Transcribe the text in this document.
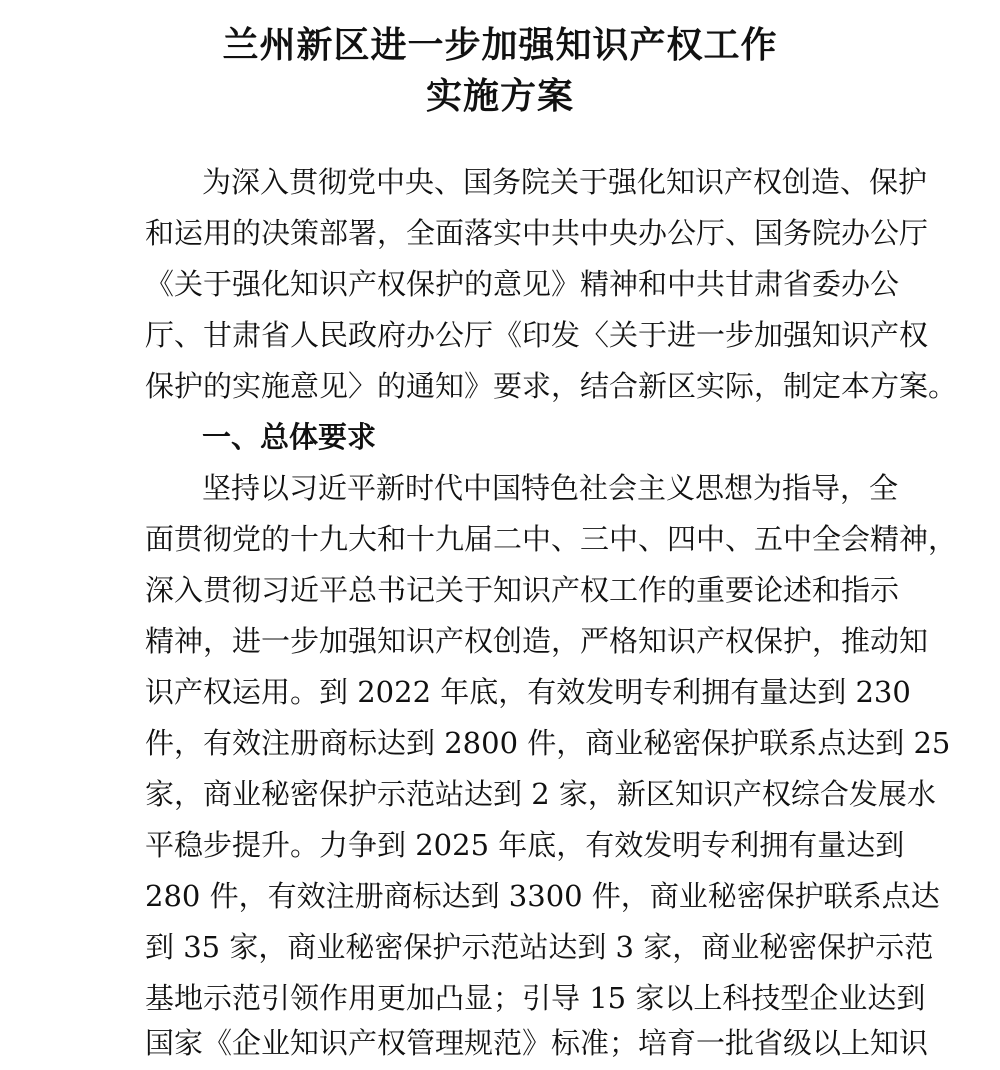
兰州新区进一步加强知识产权工作
实施方案
为深入贯彻党中央、国务院关于强化知识产权创造、保护
和运用的决策部署，全面落实中共中央办公厅、国务院办公厅
《关于强化知识产权保护的意见》精神和中共甘肃省委办公
厅、甘肃省人民政府办公厅《印发〈关于进一步加强知识产权
保护的实施意见〉的通知》要求，结合新区实际，制定本方案。
一、总体要求
坚持以习近平新时代中国特色社会主义思想为指导，全
面贯彻党的十九大和十九届二中、三中、四中、五中全会精神，
深入贯彻习近平总书记关于知识产权工作的重要论述和指示
精神，进一步加强知识产权创造，严格知识产权保护，推动知
识产权运用。到 2022 年底，有效发明专利拥有量达到 230
件，有效注册商标达到 2800 件，商业秘密保护联系点达到 25
家，商业秘密保护示范站达到 2 家，新区知识产权综合发展水
平稳步提升。力争到 2025 年底，有效发明专利拥有量达到
280 件，有效注册商标达到 3300 件，商业秘密保护联系点达
到 35 家，商业秘密保护示范站达到 3 家，商业秘密保护示范
基地示范引领作用更加凸显；引导 15 家以上科技型企业达到
国家《企业知识产权管理规范》标准；培育一批省级以上知识
